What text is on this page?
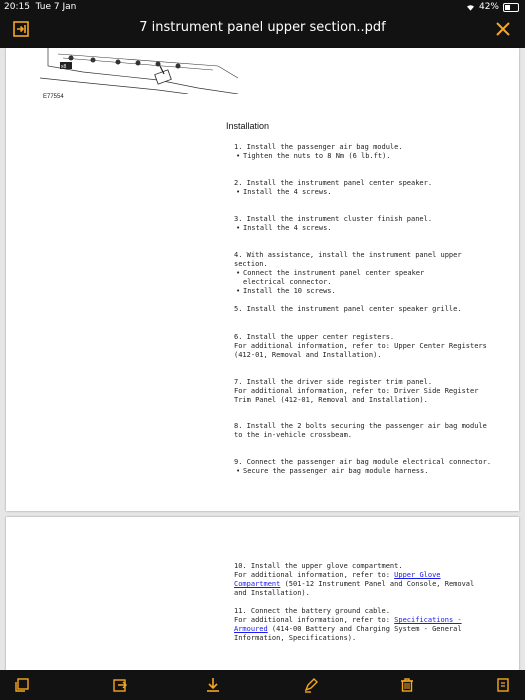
20:15 Tue 7 Jan	42%
7 instrument panel upper section..pdf
x8
E77554
Installation
1. Install the passenger air bag module.
• Tighten the nuts to 8 Nm (6 lb.ft).
2. Install the instrument panel center speaker.
• Install the 4 screws.
3. Install the instrument cluster finish panel.
• Install the 4 screws.
4. With assistance, install the instrument panel upper section.
• Connect the instrument panel center speaker electrical connector.
• Install the 10 screws.
5. Install the instrument panel center speaker grille.
6. Install the upper center registers.
For additional information, refer to: Upper Center Registers (412-01, Removal and Installation).
7. Install the driver side register trim panel.
For additional information, refer to: Driver Side Register Trim Panel (412-01, Removal and Installation).
8. Install the 2 bolts securing the passenger air bag module to the in-vehicle crossbeam.
9. Connect the passenger air bag module electrical connector.
• Secure the passenger air bag module harness.
10. Install the upper glove compartment.
For additional information, refer to: Upper Glove Compartment (501-12 Instrument Panel and Console, Removal and Installation).
11. Connect the battery ground cable.
For additional information, refer to: Specifications - Armoured (414-00 Battery and Charging System - General Information, Specifications).
